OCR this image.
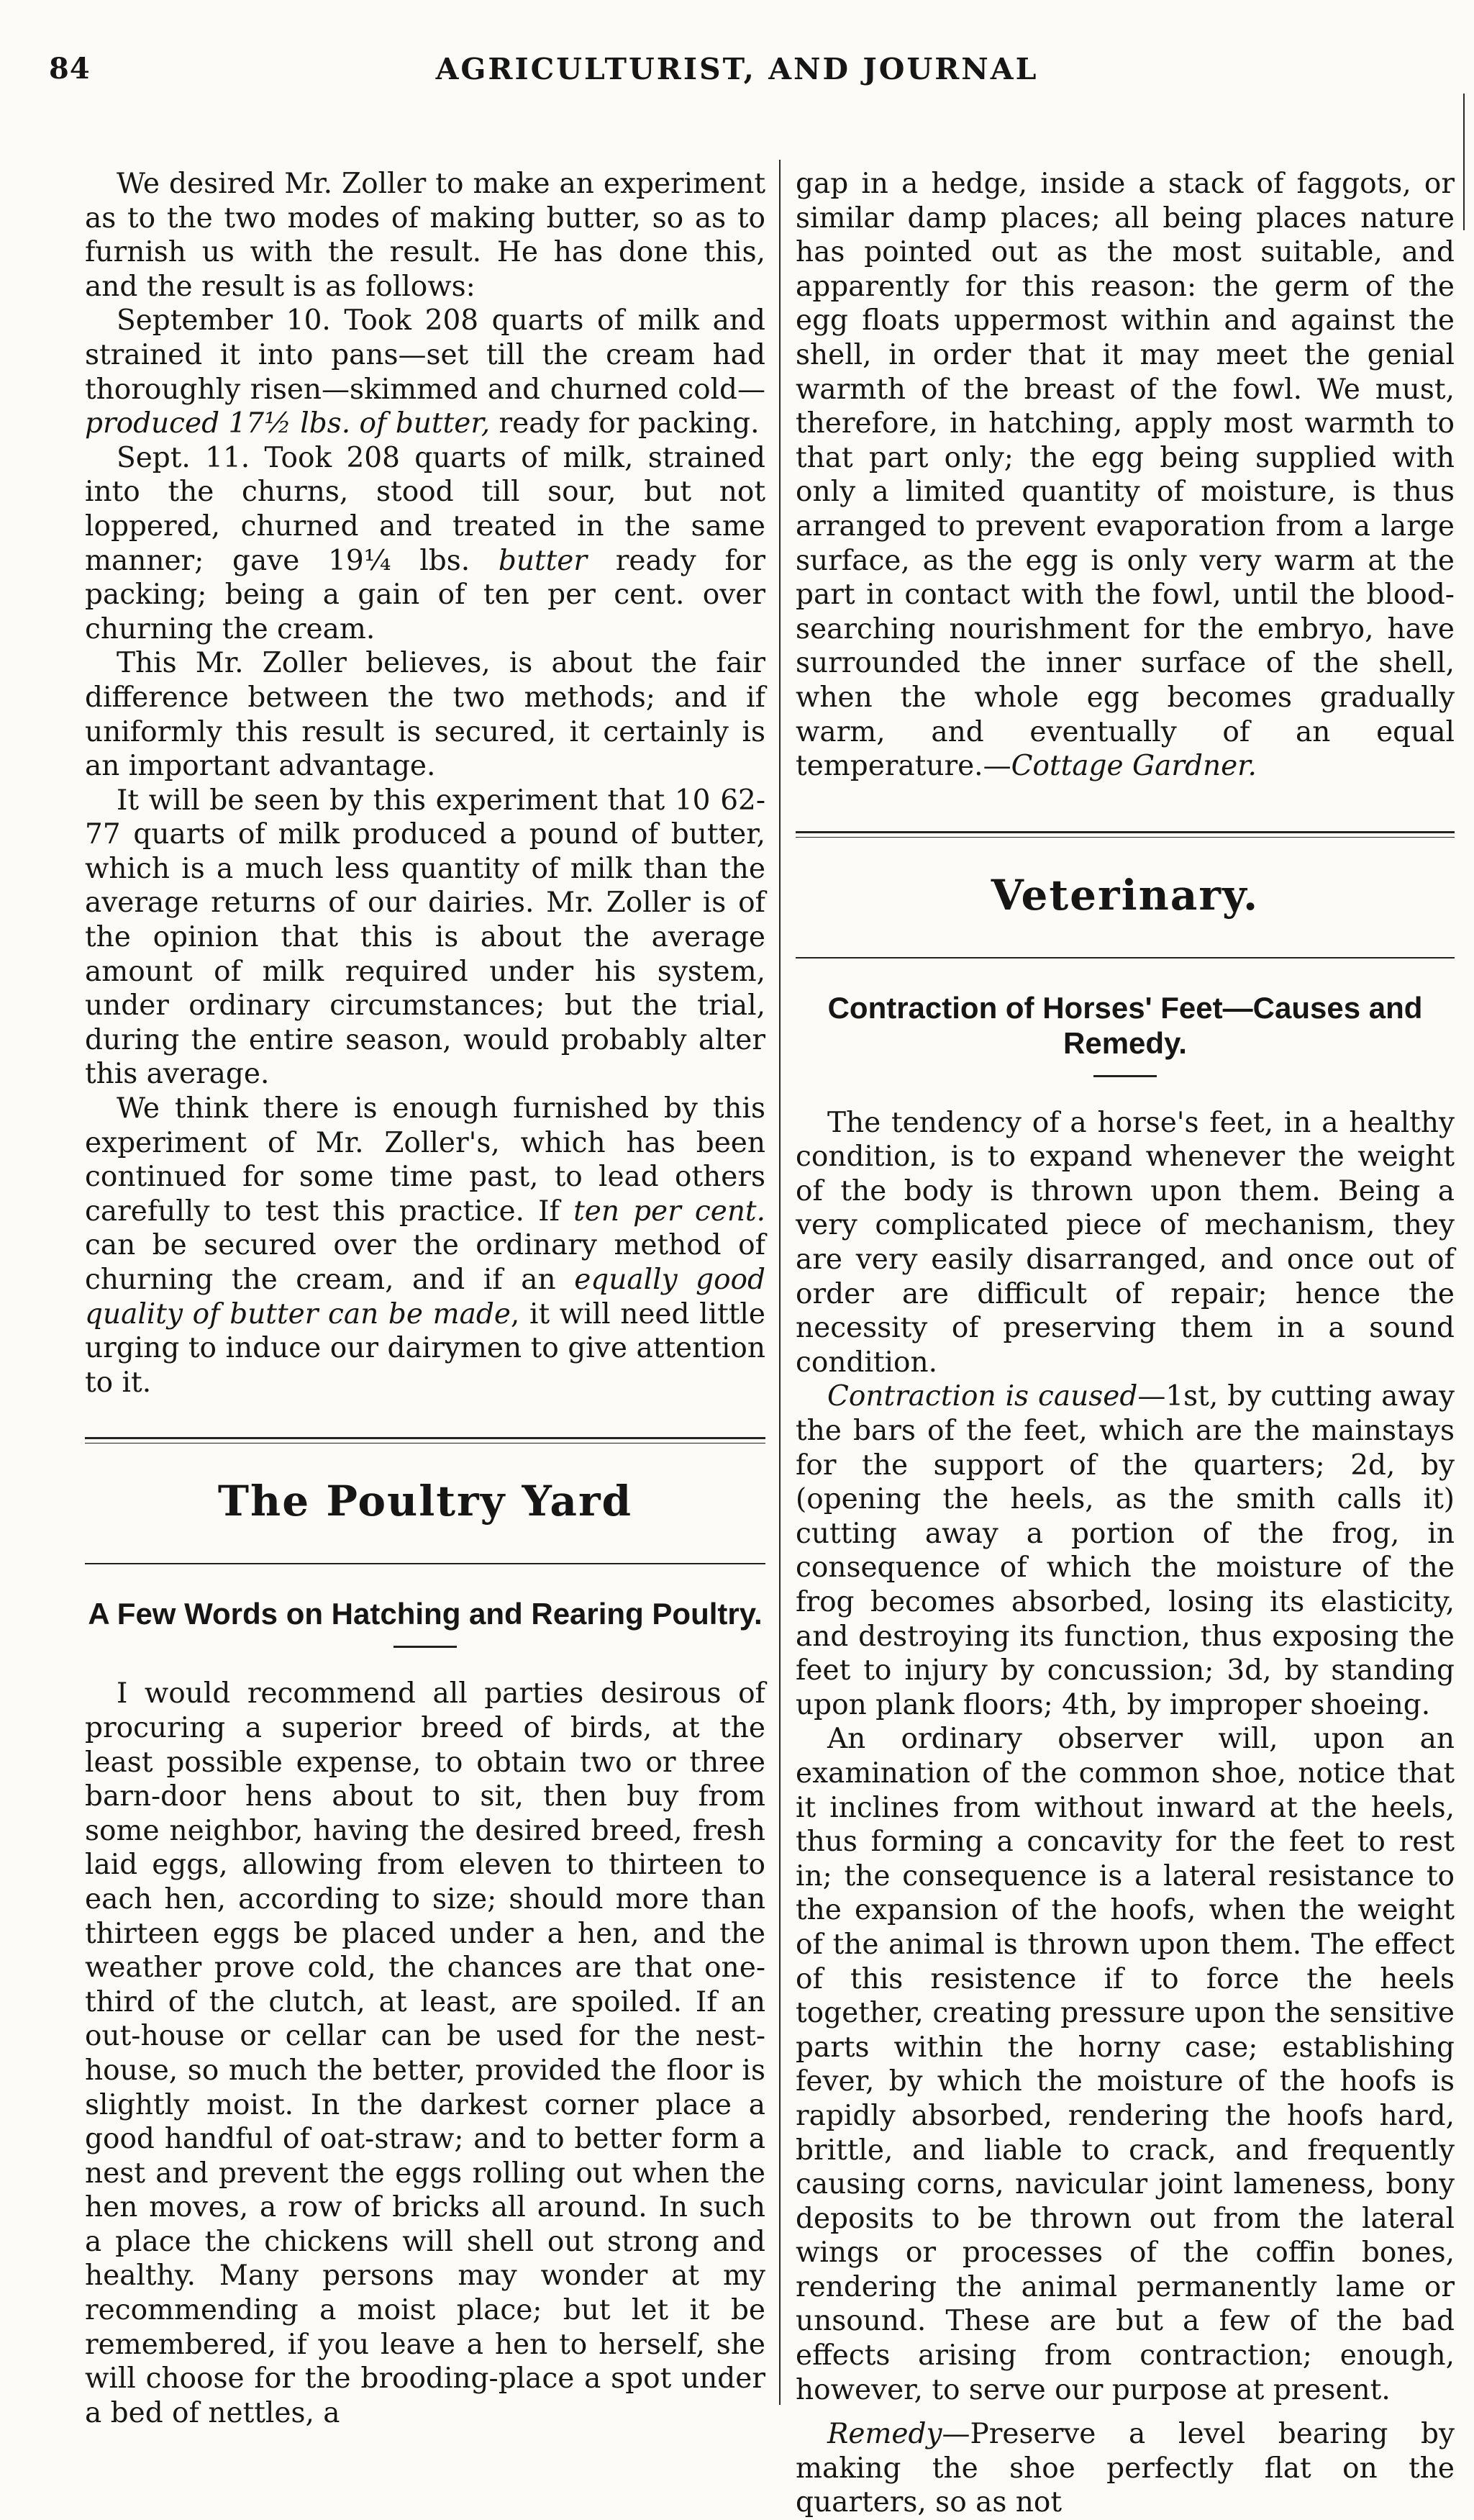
84	AGRICULTURIST, AND JOURNAL

We desired Mr. Zoller to make an experiment as to the two modes of making butter, so as to furnish us with the result. He has done this, and the result is as follows:

September 10. Took 208 quarts of milk and strained it into pans—set till the cream had thoroughly risen—skimmed and churned cold—produced 17½ lbs. of butter, ready for packing.

Sept. 11. Took 208 quarts of milk, strained into the churns, stood till sour, but not loppered, churned and treated in the same manner; gave 19¼ lbs. butter ready for packing; being a gain of ten per cent. over churning the cream.

This Mr. Zoller believes, is about the fair difference between the two methods; and if uniformly this result is secured, it certainly is an important advantage.

It will be seen by this experiment that 10 62-77 quarts of milk produced a pound of butter, which is a much less quantity of milk than the average returns of our dairies. Mr. Zoller is of the opinion that this is about the average amount of milk required under his system, under ordinary circumstances; but the trial, during the entire season, would probably alter this average.

We think there is enough furnished by this experiment of Mr. Zoller's, which has been continued for some time past, to lead others carefully to test this practice. If ten per cent. can be secured over the ordinary method of churning the cream, and if an equally good quality of butter can be made, it will need little urging to induce our dairymen to give attention to it.

The Poultry Yard
A Few Words on Hatching and Rearing Poultry.

I would recommend all parties desirous of procuring a superior breed of birds, at the least possible expense, to obtain two or three barn-door hens about to sit, then buy from some neighbor, having the desired breed, fresh laid eggs, allowing from eleven to thirteen to each hen, according to size; should more than thirteen eggs be placed under a hen, and the weather prove cold, the chances are that one-third of the clutch, at least, are spoiled. If an out-house or cellar can be used for the nest-house, so much the better, provided the floor is slightly moist. In the darkest corner place a good handful of oat-straw; and to better form a nest and prevent the eggs rolling out when the hen moves, a row of bricks all around. In such a place the chickens will shell out strong and healthy. Many persons may wonder at my recommending a moist place; but let it be remembered, if you leave a hen to herself, she will choose for the brooding-place a spot under a bed of nettles, a

gap in a hedge, inside a stack of faggots, or similar damp places; all being places nature has pointed out as the most suitable, and apparently for this reason: the germ of the egg floats uppermost within and against the shell, in order that it may meet the genial warmth of the breast of the fowl. We must, therefore, in hatching, apply most warmth to that part only; the egg being supplied with only a limited quantity of moisture, is thus arranged to prevent evaporation from a large surface, as the egg is only very warm at the part in contact with the fowl, until the blood-searching nourishment for the embryo, have surrounded the inner surface of the shell, when the whole egg becomes gradually warm, and eventually of an equal temperature.—Cottage Gardner.

Veterinary.
Contraction of Horses' Feet—Causes and Remedy.

The tendency of a horse's feet, in a healthy condition, is to expand whenever the weight of the body is thrown upon them. Being a very complicated piece of mechanism, they are very easily disarranged, and once out of order are difficult of repair; hence the necessity of preserving them in a sound condition.

Contraction is caused—1st, by cutting away the bars of the feet, which are the mainstays for the support of the quarters; 2d, by (opening the heels, as the smith calls it) cutting away a portion of the frog, in consequence of which the moisture of the frog becomes absorbed, losing its elasticity, and destroying its function, thus exposing the feet to injury by concussion; 3d, by standing upon plank floors; 4th, by improper shoeing.

An ordinary observer will, upon an examination of the common shoe, notice that it inclines from without inward at the heels, thus forming a concavity for the feet to rest in; the consequence is a lateral resistance to the expansion of the hoofs, when the weight of the animal is thrown upon them. The effect of this resistence if to force the heels together, creating pressure upon the sensitive parts within the horny case; establishing fever, by which the moisture of the hoofs is rapidly absorbed, rendering the hoofs hard, brittle, and liable to crack, and frequently causing corns, navicular joint lameness, bony deposits to be thrown out from the lateral wings or processes of the coffin bones, rendering the animal permanently lame or unsound. These are but a few of the bad effects arising from contraction; enough, however, to serve our purpose at present.

Remedy—Preserve a level bearing by making the shoe perfectly flat on the quarters, so as not
